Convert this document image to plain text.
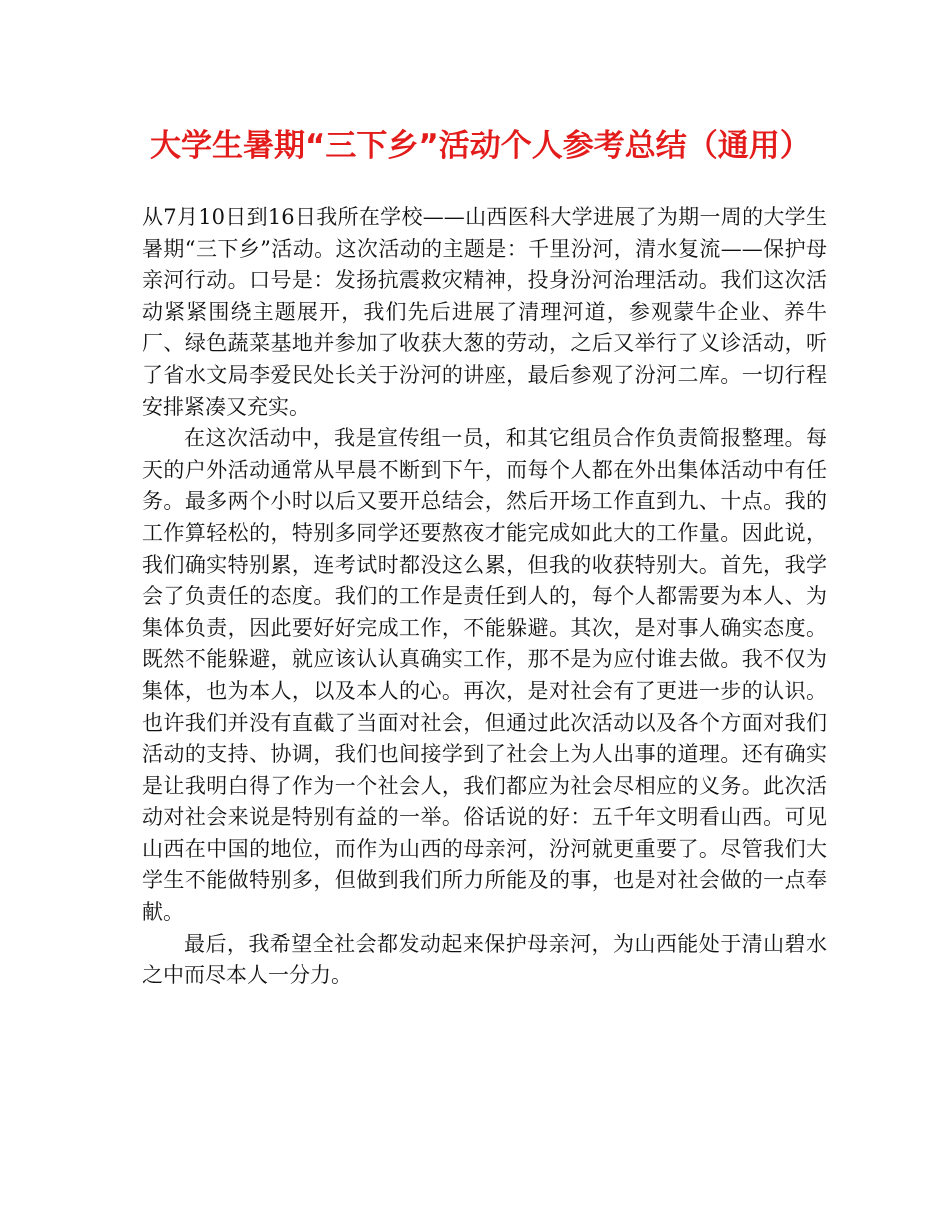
大学生暑期“三下乡”活动个人参考总结（通用）

从7月10日到16日我所在学校——山西医科大学进展了为期一周的大学生暑期“三下乡”活动。这次活动的主题是：千里汾河，清水复流——保护母亲河行动。口号是：发扬抗震救灾精神，投身汾河治理活动。我们这次活动紧紧围绕主题展开，我们先后进展了清理河道，参观蒙牛企业、养牛厂、绿色蔬菜基地并参加了收获大葱的劳动，之后又举行了义诊活动，听了省水文局李爱民处长关于汾河的讲座，最后参观了汾河二库。一切行程安排紧凑又充实。

在这次活动中，我是宣传组一员，和其它组员合作负责简报整理。每天的户外活动通常从早晨不断到下午，而每个人都在外出集体活动中有任务。最多两个小时以后又要开总结会，然后开场工作直到九、十点。我的工作算轻松的，特别多同学还要熬夜才能完成如此大的工作量。因此说，我们确实特别累，连考试时都没这么累，但我的收获特别大。首先，我学会了负责任的态度。我们的工作是责任到人的，每个人都需要为本人、为集体负责，因此要好好完成工作，不能躲避。其次，是对事人确实态度。既然不能躲避，就应该认认真确实工作，那不是为应付谁去做。我不仅为集体，也为本人，以及本人的心。再次，是对社会有了更进一步的认识。也许我们并没有直截了当面对社会，但通过此次活动以及各个方面对我们活动的支持、协调，我们也间接学到了社会上为人出事的道理。还有确实是让我明白得了作为一个社会人，我们都应为社会尽相应的义务。此次活动对社会来说是特别有益的一举。俗话说的好：五千年文明看山西。可见山西在中国的地位，而作为山西的母亲河，汾河就更重要了。尽管我们大学生不能做特别多，但做到我们所力所能及的事，也是对社会做的一点奉献。

最后，我希望全社会都发动起来保护母亲河，为山西能处于清山碧水之中而尽本人一分力。
